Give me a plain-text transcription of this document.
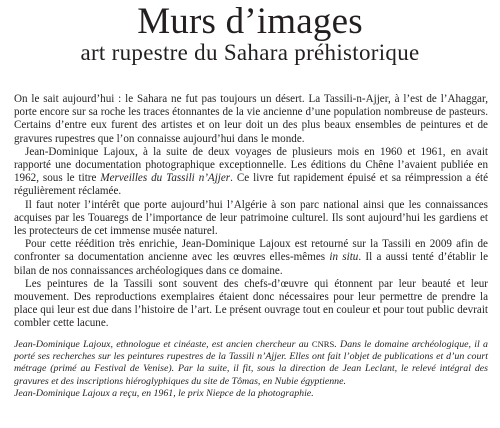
Murs d’images
art rupestre du Sahara préhistorique

On le sait aujourd’hui : le Sahara ne fut pas toujours un désert. La Tassili-n-Ajjer, à l’est de l’Ahaggar, porte encore sur sa roche les traces étonnantes de la vie ancienne d’une population nombreuse de pasteurs. Certains d’entre eux furent des artistes et on leur doit un des plus beaux ensembles de peintures et de gravures rupestres que l’on connaisse aujourd’hui dans le monde.

Jean-Dominique Lajoux, à la suite de deux voyages de plusieurs mois en 1960 et 1961, en avait rapporté une documentation photographique exceptionnelle. Les éditions du Chêne l’avaient publiée en 1962, sous le titre Merveilles du Tassili n’Ajjer. Ce livre fut rapidement épuisé et sa réimpression a été régulièrement réclamée.

Il faut noter l’intérêt que porte aujourd’hui l’Algérie à son parc national ainsi que les connaissances acquises par les Touaregs de l’importance de leur patrimoine culturel. Ils sont aujourd’hui les gardiens et les protecteurs de cet immense musée naturel.

Pour cette réédition très enrichie, Jean-Dominique Lajoux est retourné sur la Tassili en 2009 afin de confronter sa documentation ancienne avec les œuvres elles-mêmes in situ. Il a aussi tenté d’établir le bilan de nos connaissances archéologiques dans ce domaine.

Les peintures de la Tassili sont souvent des chefs-d’œuvre qui étonnent par leur beauté et leur mouvement. Des reproductions exemplaires étaient donc nécessaires pour leur permettre de prendre la place qui leur est due dans l’histoire de l’art. Le présent ouvrage tout en couleur et pour tout public devrait combler cette lacune.

Jean-Dominique Lajoux, ethnologue et cinéaste, est ancien chercheur au CNRS. Dans le domaine archéologique, il a porté ses recherches sur les peintures rupestres de la Tassili n’Ajjer. Elles ont fait l’objet de publications et d’un court métrage (primé au Festival de Venise). Par la suite, il fit, sous la direction de Jean Leclant, le relevé intégral des gravures et des inscriptions hiéroglyphiques du site de Tômas, en Nubie égyptienne.

Jean-Dominique Lajoux a reçu, en 1961, le prix Niepce de la photographie.
